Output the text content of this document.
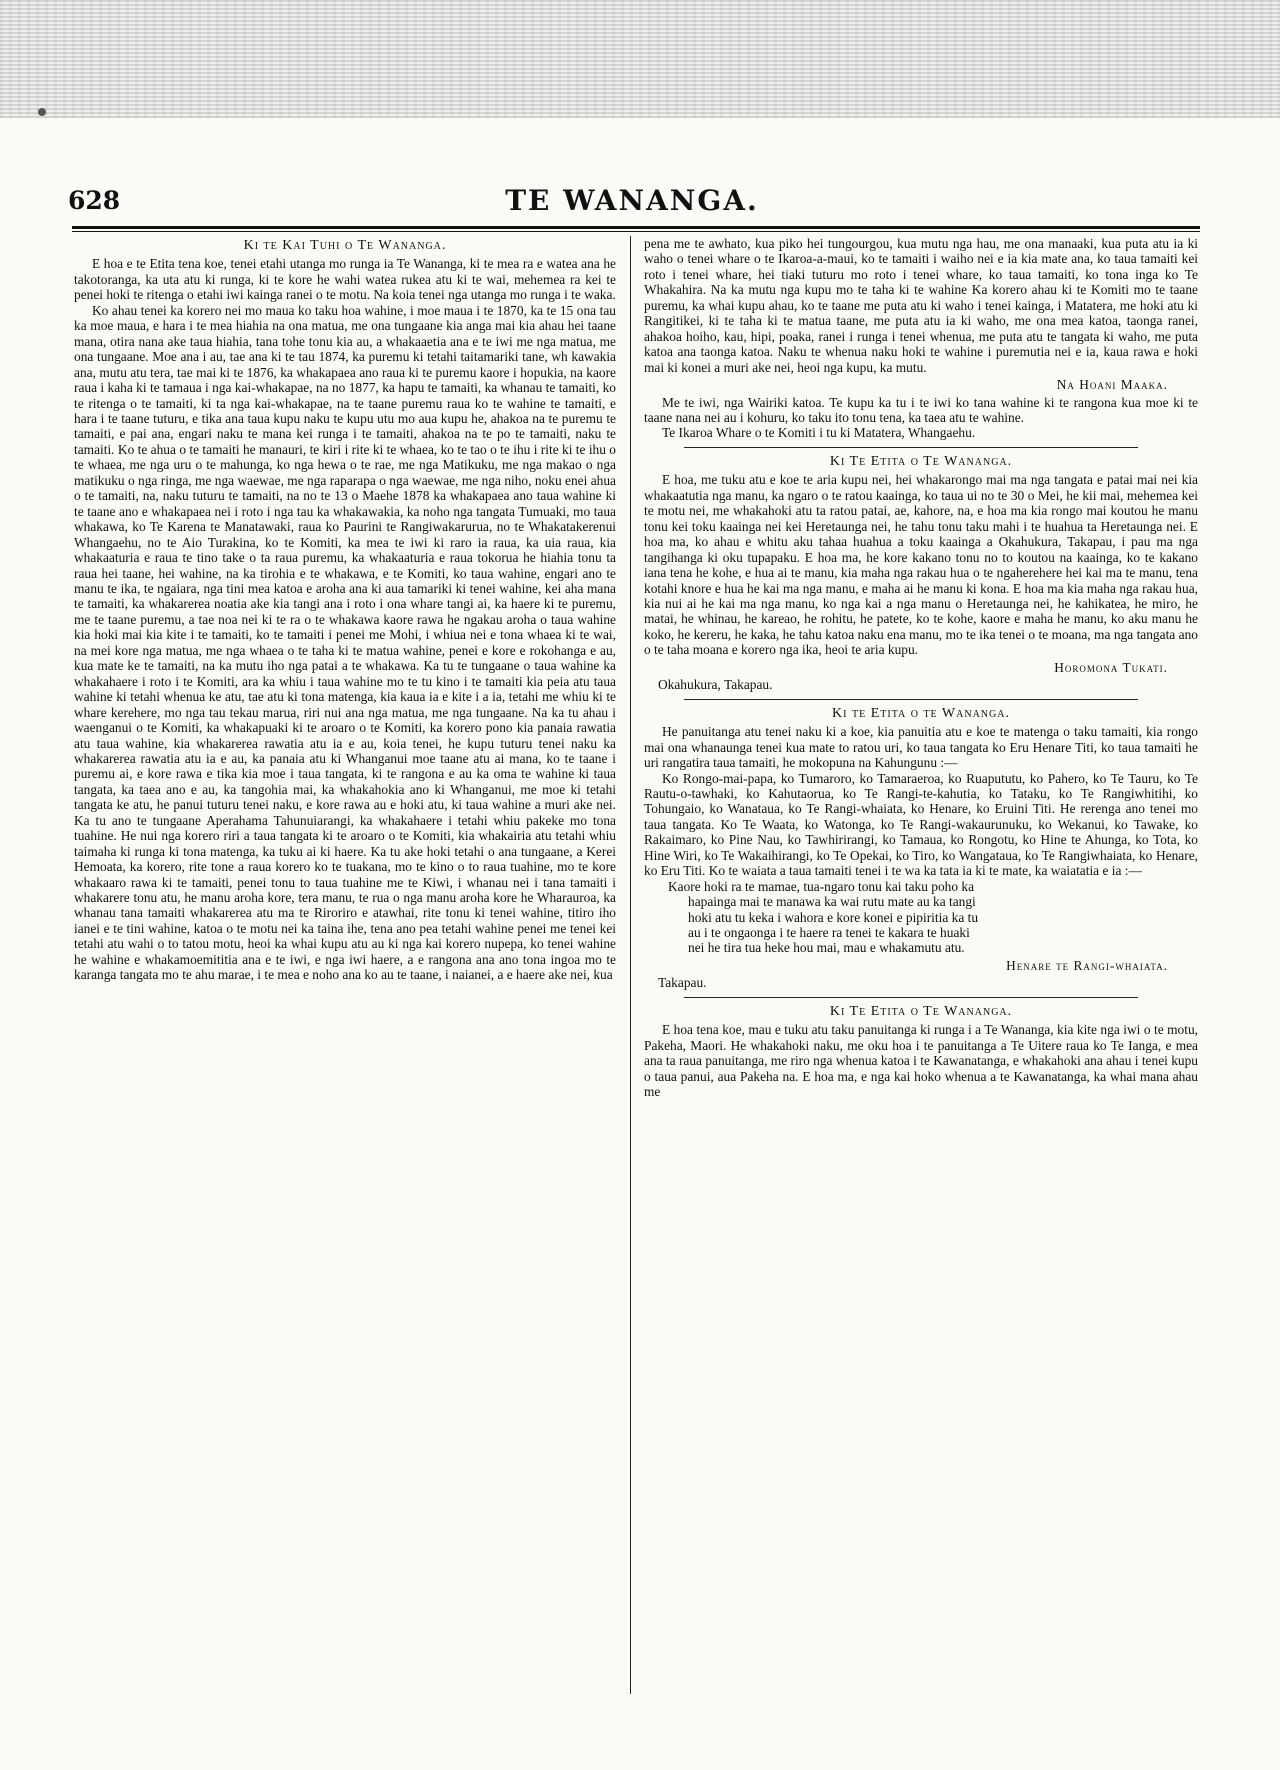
628	TE WANANGA.
Ki te Kai Tuhi o Te Wananga.

E hoa e te Etita tena koe, tenei etahi utanga mo runga ia Te Wananga, ki te mea ra e watea ana he takotoranga, ka uta atu ki runga, ki te kore he wahi watea rukea atu ki te wai, mehemea ra kei te penei hoki te ritenga o etahi iwi kainga ranei o te motu. Na koia tenei nga utanga mo runga i te waka.

Ko ahau tenei ka korero nei mo maua ko taku hoa wahine, i moe maua i te 1870, ka te 15 ona tau ka moe maua, e hara i te mea hiahia na ona matua, me ona tungaane kia anga mai kia ahau hei taane mana, otira nana ake taua hiahia, tana tohe tonu kia au, a whakaaetia ana e te iwi me nga matua, me ona tungaane. Moe ana i au, tae ana ki te tau 1874, ka puremu ki tetahi taitamariki tane, wh kawakia ana, mutu atu tera, tae mai ki te 1876, ka whakapaea ano raua ki te puremu kaore i hopukia, na kaore raua i kaha ki te tamaua i nga kai-whakapae, na no 1877, ka hapu te tamaiti, ka whanau te tamaiti, ko te ritenga o te tamaiti, ki ta nga kai-whakapae, na te taane puremu raua ko te wahine te tamaiti, e hara i te taane tuturu, e tika ana taua kupu naku te kupu utu mo aua kupu he, ahakoa na te puremu te tamaiti, e pai ana, engari naku te mana kei runga i te tamaiti, ahakoa na te po te tamaiti, naku te tamaiti. Ko te ahua o te tamaiti he manauri, te kiri i rite ki te whaea, ko te tao o te ihu i rite ki te ihu o te whaea, me nga uru o te mahunga, ko nga hewa o te rae, me nga Matikuku, me nga makao o nga matikuku o nga ringa, me nga waewae, me nga raparapa o nga waewae, me nga niho, noku enei ahua o te tamaiti, na, naku tuturu te tamaiti, na no te 13 o Maehe 1878 ka whakapaea ano taua wahine ki te taane ano e whakapaea nei i roto i nga tau ka whakawakia, ka noho nga tangata Tumuaki, mo taua whakawa, ko Te Karena te Manatawaki, raua ko Paurini te Rangiwakarurua, no te Whakatakerenui Whangaehu, no te Aio Turakina, ko te Komiti, ka mea te iwi ki raro ia raua, ka uia raua, kia whakaaturia e raua te tino take o ta raua puremu, ka whakaaturia e raua tokorua he hiahia tonu ta raua hei taane, hei wahine, na ka tirohia e te whakawa, e te Komiti, ko taua wahine, engari ano te manu te ika, te ngaiara, nga tini mea katoa e aroha ana ki aua tamariki ki tenei wahine, kei aha mana te tamaiti, ka whakarerea noatia ake kia tangi ana i roto i ona whare tangi ai, ka haere ki te puremu, me te taane puremu, a tae noa nei ki te ra o te whakawa kaore rawa he ngakau aroha o taua wahine kia hoki mai kia kite i te tamaiti, ko te tamaiti i penei me Mohi, i whiua nei e tona whaea ki te wai, na mei kore nga matua, me nga whaea o te taha ki te matua wahine, penei e kore e rokohanga e au, kua mate ke te tamaiti, na ka mutu iho nga patai a te whakawa. Ka tu te tungaane o taua wahine ka whakahaere i roto i te Komiti, ara ka whiu i taua wahine mo te tu kino i te tamaiti kia peia atu taua wahine ki tetahi whenua ke atu, tae atu ki tona matenga, kia kaua ia e kite i a ia, tetahi me whiu ki te whare kerehere, mo nga tau tekau marua, riri nui ana nga matua, me nga tungaane. Na ka tu ahau i waenganui o te Komiti, ka whakapuaki ki te aroaro o te Komiti, ka korero pono kia panaia rawatia atu taua wahine, kia whakarerea rawatia atu ia e au, koia tenei, he kupu tuturu tenei naku ka whakarerea rawatia atu ia e au, ka panaia atu ki Whanganui moe taane atu ai mana, ko te taane i puremu ai, e kore rawa e tika kia moe i taua tangata, ki te rangona e au ka oma te wahine ki taua tangata, ka taea ano e au, ka tangohia mai, ka whakahokia ano ki Whanganui, me moe ki tetahi tangata ke atu, he panui tuturu tenei naku, e kore rawa au e hoki atu, ki taua wahine a muri ake nei. Ka tu ano te tungaane Aperahama Tahunuiarangi, ka whakahaere i tetahi whiu pakeke mo tona tuahine. He nui nga korero riri a taua tangata ki te aroaro o te Komiti, kia whakairia atu tetahi whiu taimaha ki runga ki tona matenga, ka tuku ai ki haere. Ka tu ake hoki tetahi o ana tungaane, a Kerei Hemoata, ka korero, rite tone a raua korero ko te tuakana, mo te kino o to raua tuahine, mo te kore whakaaro rawa ki te tamaiti, penei tonu to taua tuahine me te Kiwi, i whanau nei i tana tamaiti i whakarere tonu atu, he manu aroha kore, tera manu, te rua o nga manu aroha kore he Wharauroa, ka whanau tana tamaiti whakarerea atu ma te Riroriro e atawhai, rite tonu ki tenei wahine, titiro iho ianei e te tini wahine, katoa o te motu nei ka taina ihe, tena ano pea tetahi wahine penei me tenei kei tetahi atu wahi o to tatou motu, heoi ka whai kupu atu au ki nga kai korero nupepa, ko tenei wahine he wahine e whakamoemititia ana e te iwi, e nga iwi haere, a e rangona ana ano tona ingoa mo te karanga tangata mo te ahu marae, i te mea e noho ana ko au te taane, i naianei, a e haere ake nei, kua

pena me te awhato, kua piko hei tungourgou, kua mutu nga hau, me ona manaaki, kua puta atu ia ki waho o tenei whare o te Ikaroa-a-maui, ko te tamaiti i waiho nei e ia kia mate ana, ko taua tamaiti kei roto i tenei whare, hei tiaki tuturu mo roto i tenei whare, ko taua tamaiti, ko tona inga ko Te Whakahira. Na ka mutu nga kupu mo te taha ki te wahine Ka korero ahau ki te Komiti mo te taane puremu, ka whai kupu ahau, ko te taane me puta atu ki waho i tenei kainga, i Matatera, me hoki atu ki Rangitikei, ki te taha ki te matua taane, me puta atu ia ki waho, me ona mea katoa, taonga ranei, ahakoa hoiho, kau, hipi, poaka, ranei i runga i tenei whenua, me puta atu te tangata ki waho, me puta katoa ana taonga katoa. Naku te whenua naku hoki te wahine i puremutia nei e ia, kaua rawa e hoki mai ki konei a muri ake nei, heoi nga kupu, ka mutu.

Na Hoani Maaka.

Me te iwi, nga Wairiki katoa. Te kupu ka tu i te iwi ko tana wahine ki te rangona kua moe ki te taane nana nei au i kohuru, ko taku ito tonu tena, ka taea atu te wahine.

Te Ikaroa Whare o te Komiti i tu ki Matatera, Whangaehu.

Ki Te Etita o Te Wananga.

E hoa, me tuku atu e koe te aria kupu nei, hei whakarongo mai ma nga tangata e patai mai nei kia whakaatutia nga manu, ka ngaro o te ratou kaainga, ko taua ui no te 30 o Mei, he kii mai, mehemea kei te motu nei, me whakahoki atu ta ratou patai, ae, kahore, na, e hoa ma kia rongo mai koutou he manu tonu kei toku kaainga nei kei Heretaunga nei, he tahu tonu taku mahi i te huahua ta Heretaunga nei. E hoa ma, ko ahau e whitu aku tahaa huahua a toku kaainga a Okahukura, Takapau, i pau ma nga tangihanga ki oku tupapaku. E hoa ma, he kore kakano tonu no to koutou na kaainga, ko te kakano iana tena he kohe, e hua ai te manu, kia maha nga rakau hua o te ngaherehere hei kai ma te manu, tena kotahi knore e hua he kai ma nga manu, e maha ai he manu ki kona. E hoa ma kia maha nga rakau hua, kia nui ai he kai ma nga manu, ko nga kai a nga manu o Heretaunga nei, he kahikatea, he miro, he matai, he whinau, he kareao, he rohitu, he patete, ko te kohe, kaore e maha he manu, ko aku manu he koko, he kereru, he kaka, he tahu katoa naku ena manu, mo te ika tenei o te moana, ma nga tangata ano o te taha moana e korero nga ika, heoi te aria kupu.

Horomona Tukati.
Okahukura, Takapau.
Ki te Etita o te Wananga.

He panuitanga atu tenei naku ki a koe, kia panuitia atu e koe te matenga o taku tamaiti, kia rongo mai ona whanaunga tenei kua mate to ratou uri, ko taua tangata ko Eru Henare Titi, ko taua tamaiti he uri rangatira taua tamaiti, he mokopuna na Kahungunu :—

Ko Rongo-mai-papa, ko Tumaroro, ko Tamaraeroa, ko Ruapututu, ko Pahero, ko Te Tauru, ko Te Rautu-o-tawhaki, ko Kahutaorua, ko Te Rangi-te-kahutia, ko Tataku, ko Te Rangiwhitihi, ko Tohungaio, ko Wanataua, ko Te Rangi-whaiata, ko Henare, ko Eruini Titi. He rerenga ano tenei mo taua tangata. Ko Te Waata, ko Watonga, ko Te Rangi-wakaurunuku, ko Wekanui, ko Tawake, ko Rakaimaro, ko Pine Nau, ko Tawhirirangi, ko Tamaua, ko Rongotu, ko Hine te Ahunga, ko Tota, ko Hine Wiri, ko Te Wakaihirangi, ko Te Opekai, ko Tiro, ko Wangataua, ko Te Rangiwhaiata, ko Henare, ko Eru Titi. Ko te waiata a taua tamaiti tenei i te wa ka tata ia ki te mate, ka waiatatia e ia :—

Kaore hoki ra te mamae, tua-ngaro tonu kai taku poho ka
hapainga mai te manawa ka wai rutu mate au ka tangi
hoki atu tu keka i wahora e kore konei e pipiritia ka tu
au i te ongaonga i te haere ra tenei te kakara te huaki
nei he tira tua heke hou mai, mau e whakamutu atu.
Henare te Rangi-whaiata.
Takapau.
Ki Te Etita o Te Wananga.

E hoa tena koe, mau e tuku atu taku panuitanga ki runga i a Te Wananga, kia kite nga iwi o te motu, Pakeha, Maori. He whakahoki naku, me oku hoa i te panuitanga a Te Uitere raua ko Te Ianga, e mea ana ta raua panuitanga, me riro nga whenua katoa i te Kawanatanga, e whakahoki ana ahau i tenei kupu o taua panui, aua Pakeha na. E hoa ma, e nga kai hoko whenua a te Kawanatanga, ka whai mana ahau me
